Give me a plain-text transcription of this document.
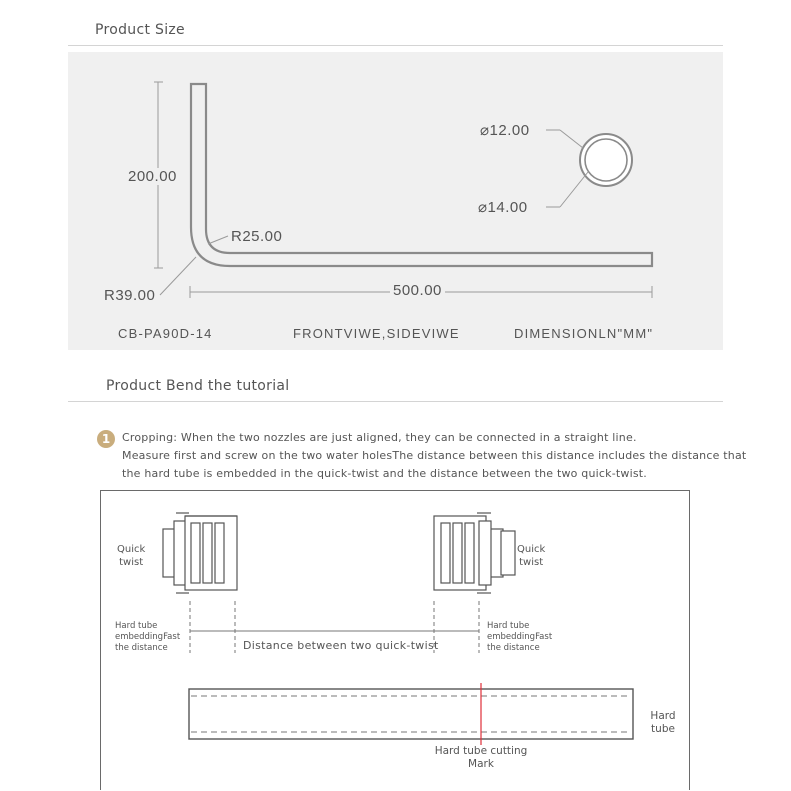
Product Size
200.00
R25.00
R39.00	500.00
⌀12.00
⌀14.00
CB-PA90D-14	FRONTVIWE,SIDEVIWE	DIMENSIONLN"MM"
Product Bend the tutorial
1	Cropping: When the two nozzles are just aligned, they can be connected in a straight line.
Measure first and screw on the two water holesThe distance between this distance includes the distance that
the hard tube is embedded in the quick-twist and the distance between the two quick-twist.
Quick
twist
Quick
twist
Hard tube
embeddingFast
the distance
Hard tube
embeddingFast
the distance
Distance between two quick-twist
Hard tube
Hard tube cutting
Mark
